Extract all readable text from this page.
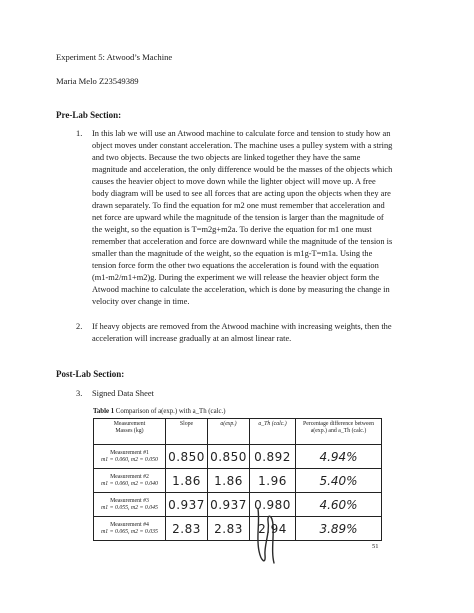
Experiment 5: Atwood’s Machine
Maria Melo Z23549389
Pre-Lab Section:
1. In this lab we will use an Atwood machine to calculate force and tension to study how an
object moves under constant acceleration. The machine uses a pulley system with a string
and two objects. Because the two objects are linked together they have the same
magnitude and acceleration, the only difference would be the masses of the objects which
causes the heavier object to move down while the lighter object will move up. A free
body diagram will be used to see all forces that are acting upon the objects when they are
drawn separately. To find the equation for m2 one must remember that acceleration and
net force are upward while the magnitude of the tension is larger than the magnitude of
the weight, so the equation is T=m2g+m2a. To derive the equation for m1 one must
remember that acceleration and force are downward while the magnitude of the tension is
smaller than the magnitude of the weight, so the equation is m1g-T=m1a. Using the
tension force form the other two equations the acceleration is found with the equation
(m1-m2/m1+m2)g. During the experiment we will release the heavier object form the
Atwood machine to calculate the acceleration, which is done by measuring the change in
velocity over change in time.
2. If heavy objects are removed from the Atwood machine with increasing weights, then the
acceleration will increase gradually at an almost linear rate.
Post-Lab Section:
3. Signed Data Sheet
Table 1 Comparison of a(exp.) with a_Th (calc.)
Measurement
Masses (kg)	Slope	a(exp.)	a_Th (calc.)	Percentage difference between
a(exp.) and a_Th (calc.)

Measurement #1
m1 = 0.060, m2 = 0.050	0.850	0.850	0.892	4.94%

Measurement #2
m1 = 0.060, m2 = 0.040	1.86	1.86	1.96	5.40%

Measurement #3
m1 = 0.055, m2 = 0.045	0.937	0.937	0.980	4.60%

Measurement #4
m1 = 0.065, m2 = 0.035	2.83	2.83	2.94	3.89%
51
